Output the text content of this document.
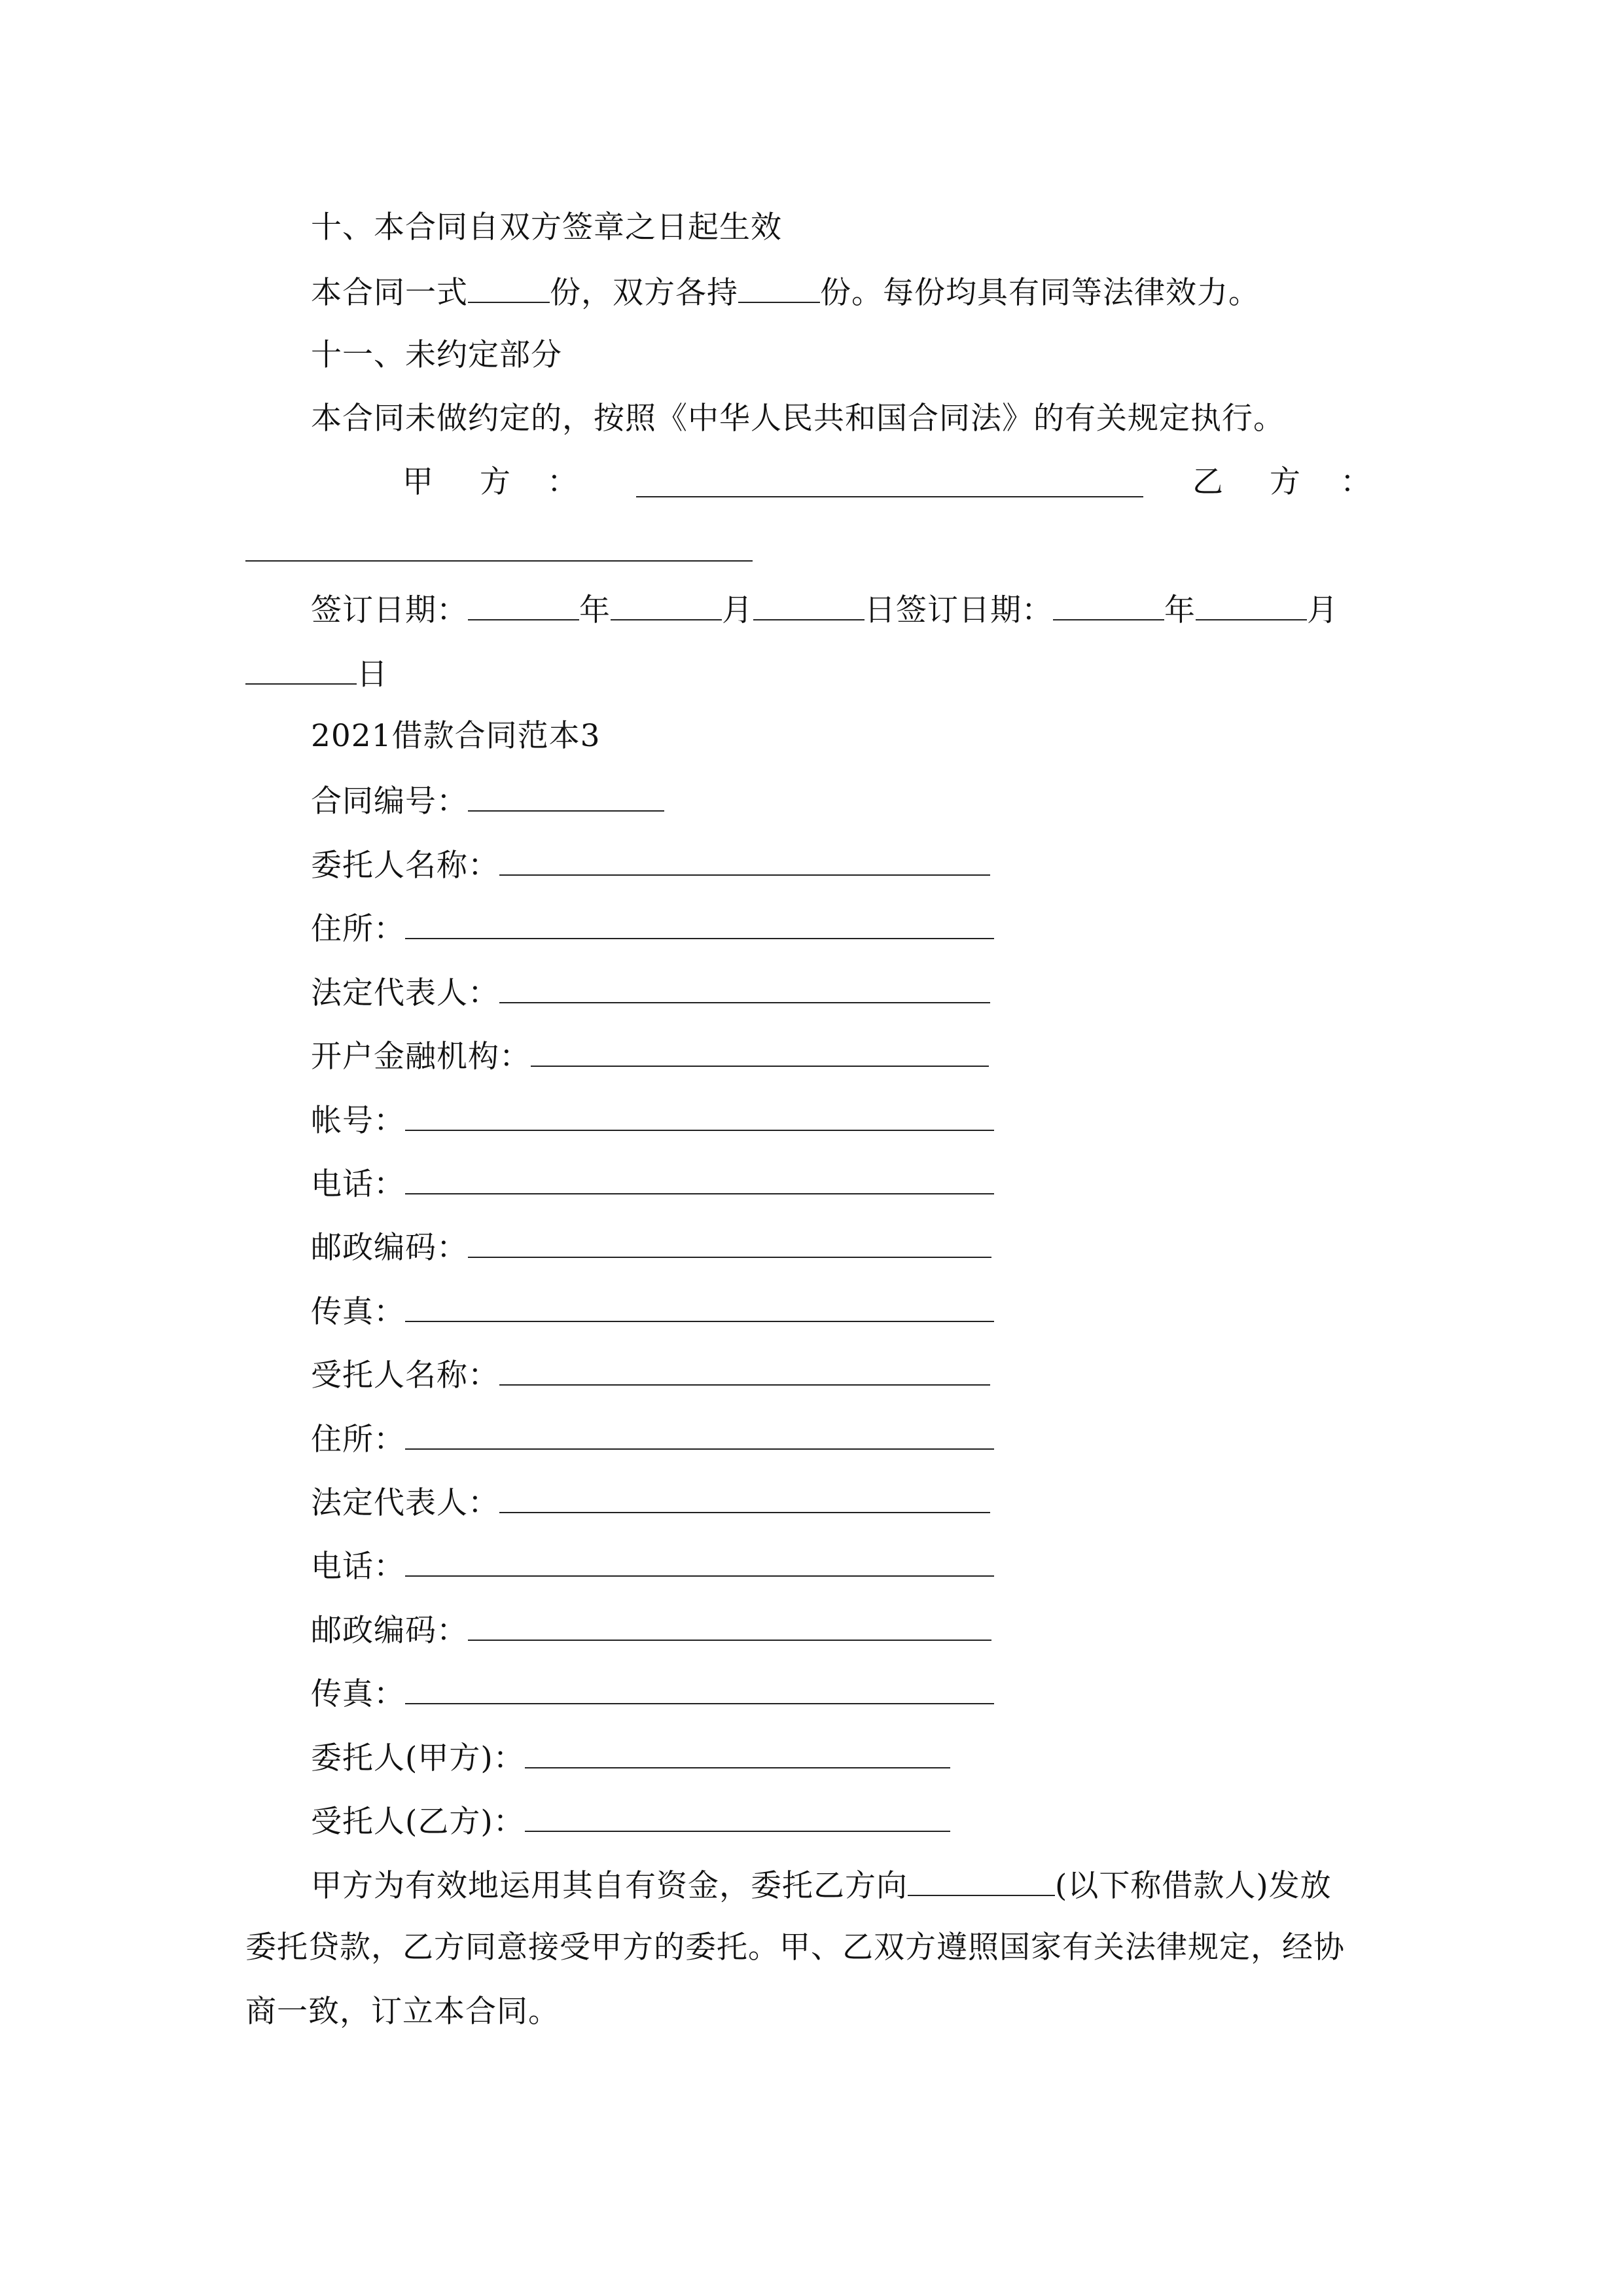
十、本合同自双方签章之日起生效
本合同一式	份，双方各持	份。每份均具有同等法律效力。
十一、未约定部分
本合同未做约定的，按照《中华人民共和国合同法》的有关规定执行。
甲 方 ：	乙 方 ：
签订日期：	年	月	日签订日期：	年	月
日
2021借款合同范本3
合同编号：
委托人名称：
住所：
法定代表人：
开户金融机构：
帐号：
电话：
邮政编码：
传真：
受托人名称：
住所：
法定代表人：
电话：
邮政编码：
传真：
委托人(甲方)：
受托人(乙方)：
甲方为有效地运用其自有资金，委托乙方向	(以下称借款人)发放
委托贷款，乙方同意接受甲方的委托。甲、乙双方遵照国家有关法律规定，经协
商一致，订立本合同。
